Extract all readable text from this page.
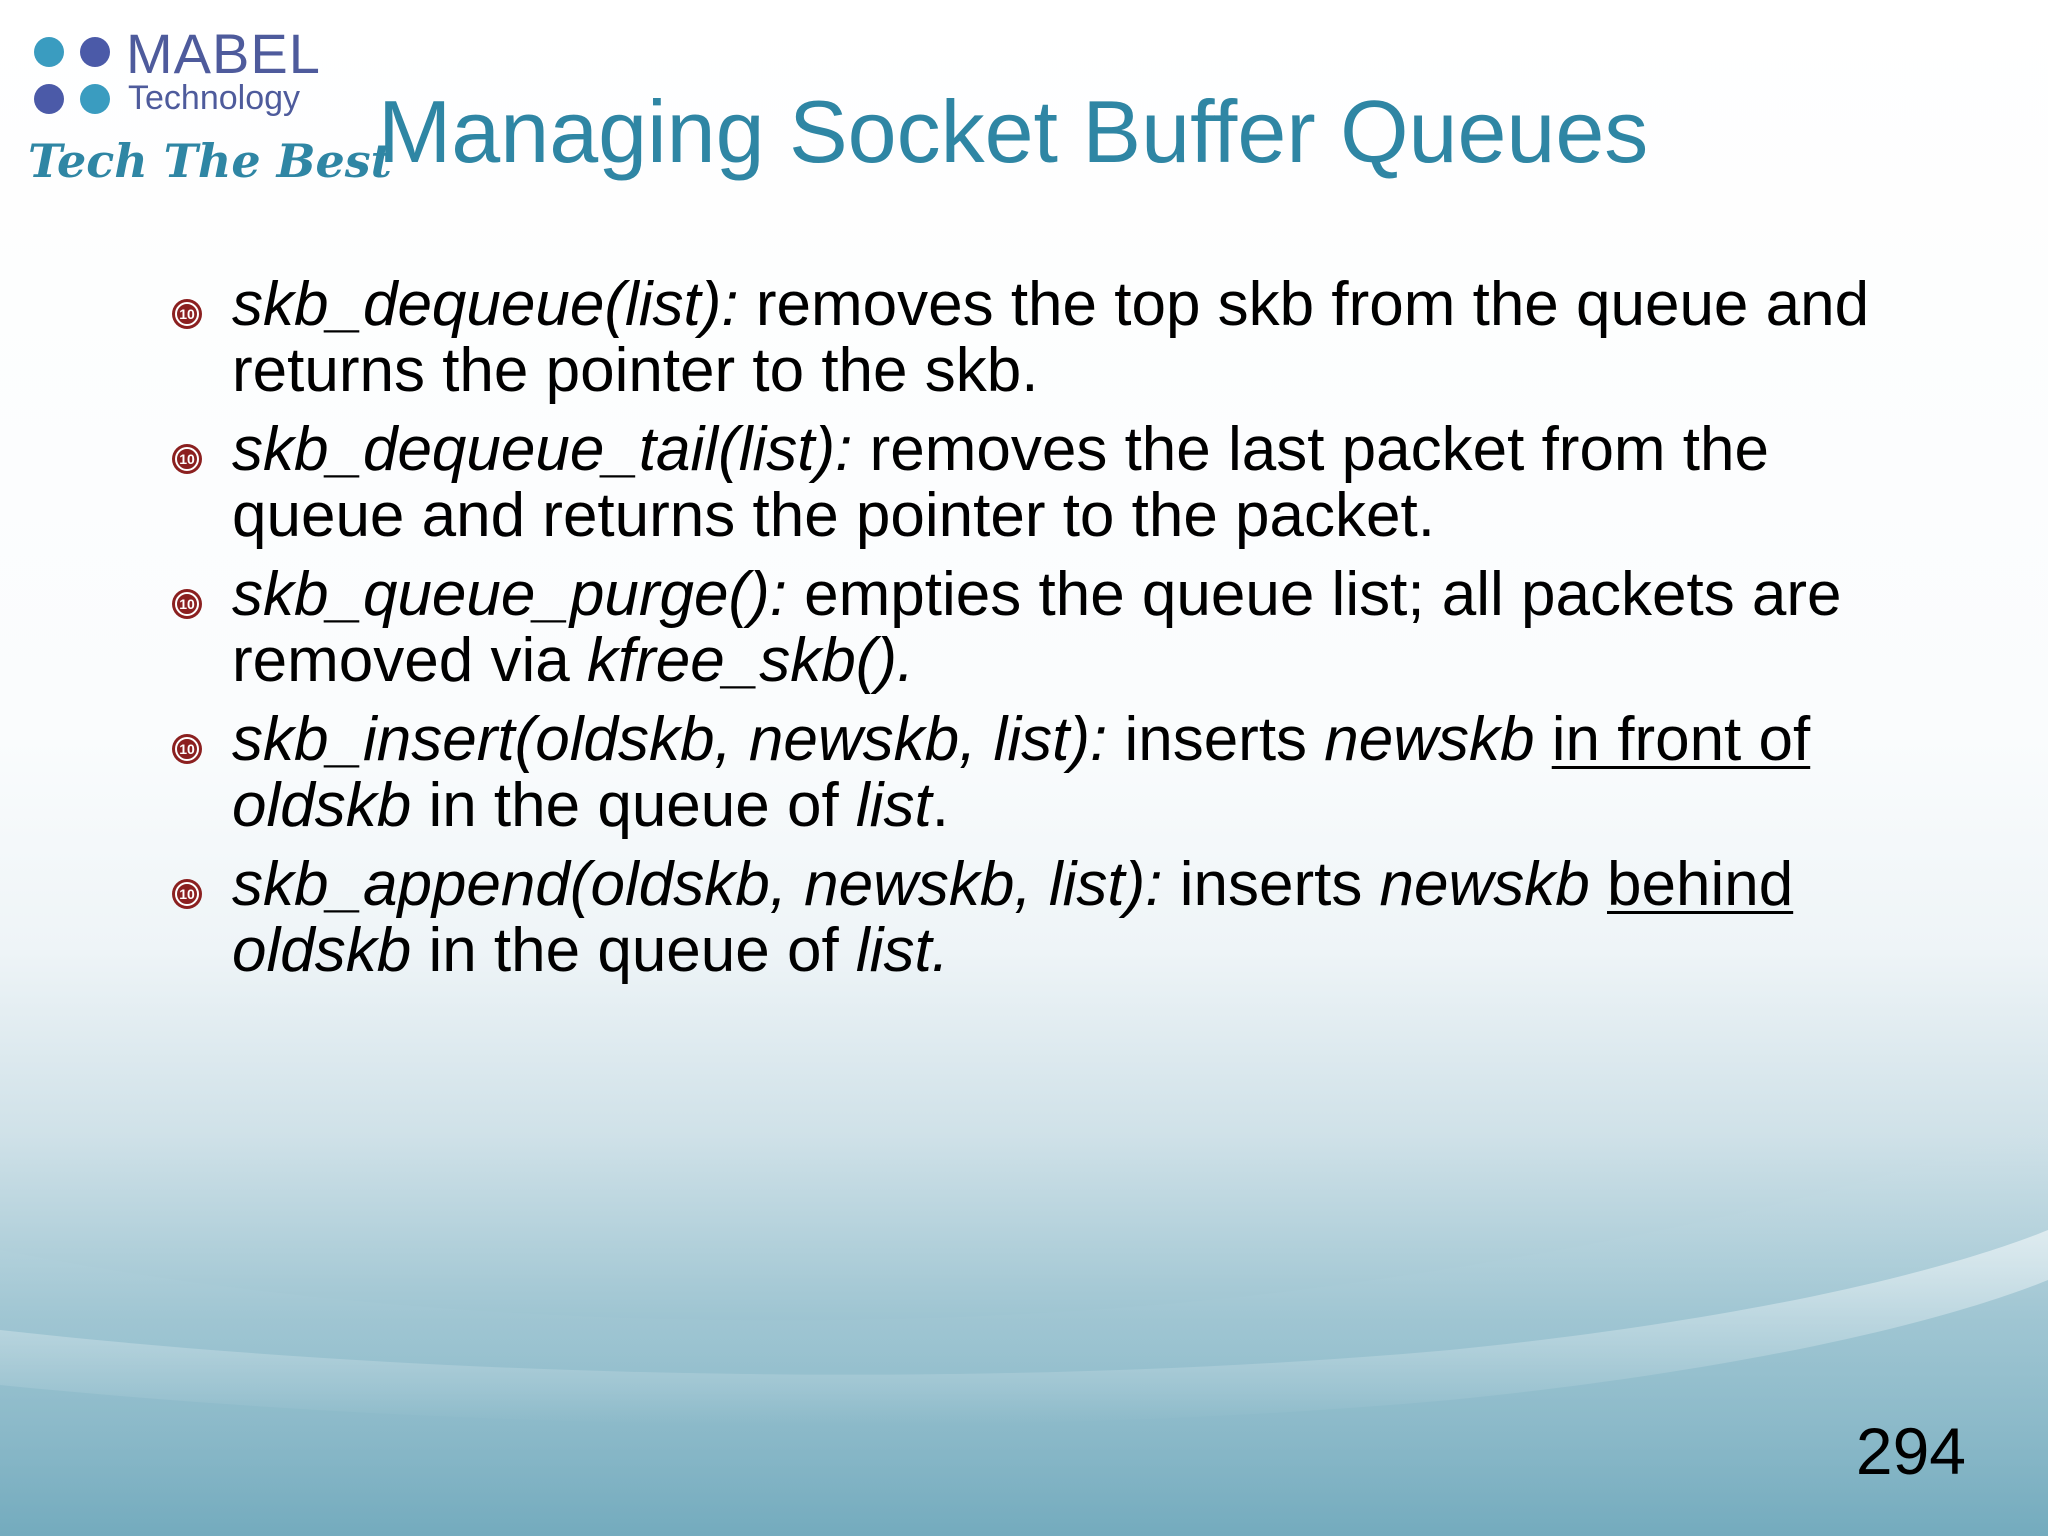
MABEL
Technology
Tech The Best
Managing Socket Buffer Queues
10 skb_dequeue(list): removes the top skb from the queue and returns the pointer to the skb.
10 skb_dequeue_tail(list): removes the last packet from the queue and returns the pointer to the packet.
10 skb_queue_purge(): empties the queue list; all packets are removed via kfree_skb().
10 skb_insert(oldskb, newskb, list): inserts newskb in front of oldskb in the queue of list.
10 skb_append(oldskb, newskb, list): inserts newskb behind oldskb in the queue of list.
294
